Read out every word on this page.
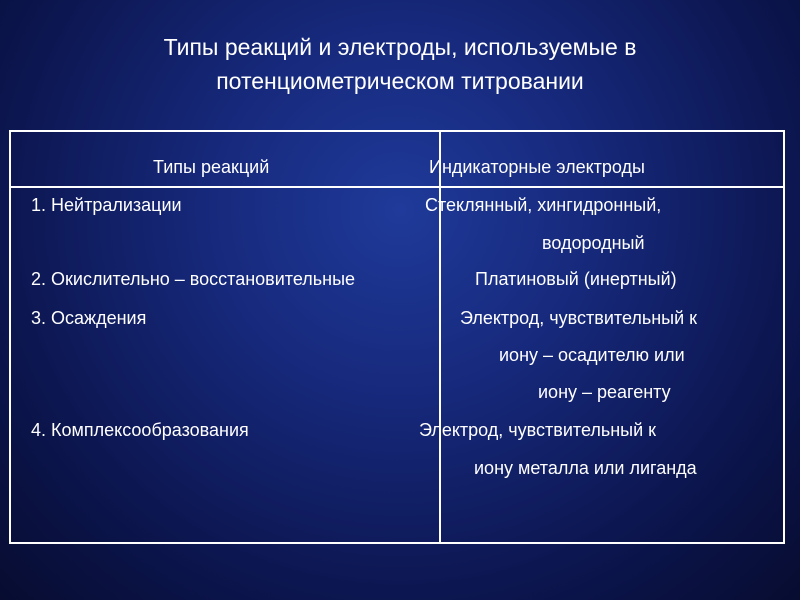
Типы реакций и электроды, используемые в
потенциометрическом титровании
Типы реакций	Индикаторные электроды
1. Нейтрализации	Стеклянный, хингидронный,
водородный
2. Окислительно – восстановительные	Платиновый (инертный)
3. Осаждения	Электрод, чувствительный к
иону – осадителю или
иону – реагенту
4. Комплексообразования	Электрод, чувствительный к
иону металла или лиганда
